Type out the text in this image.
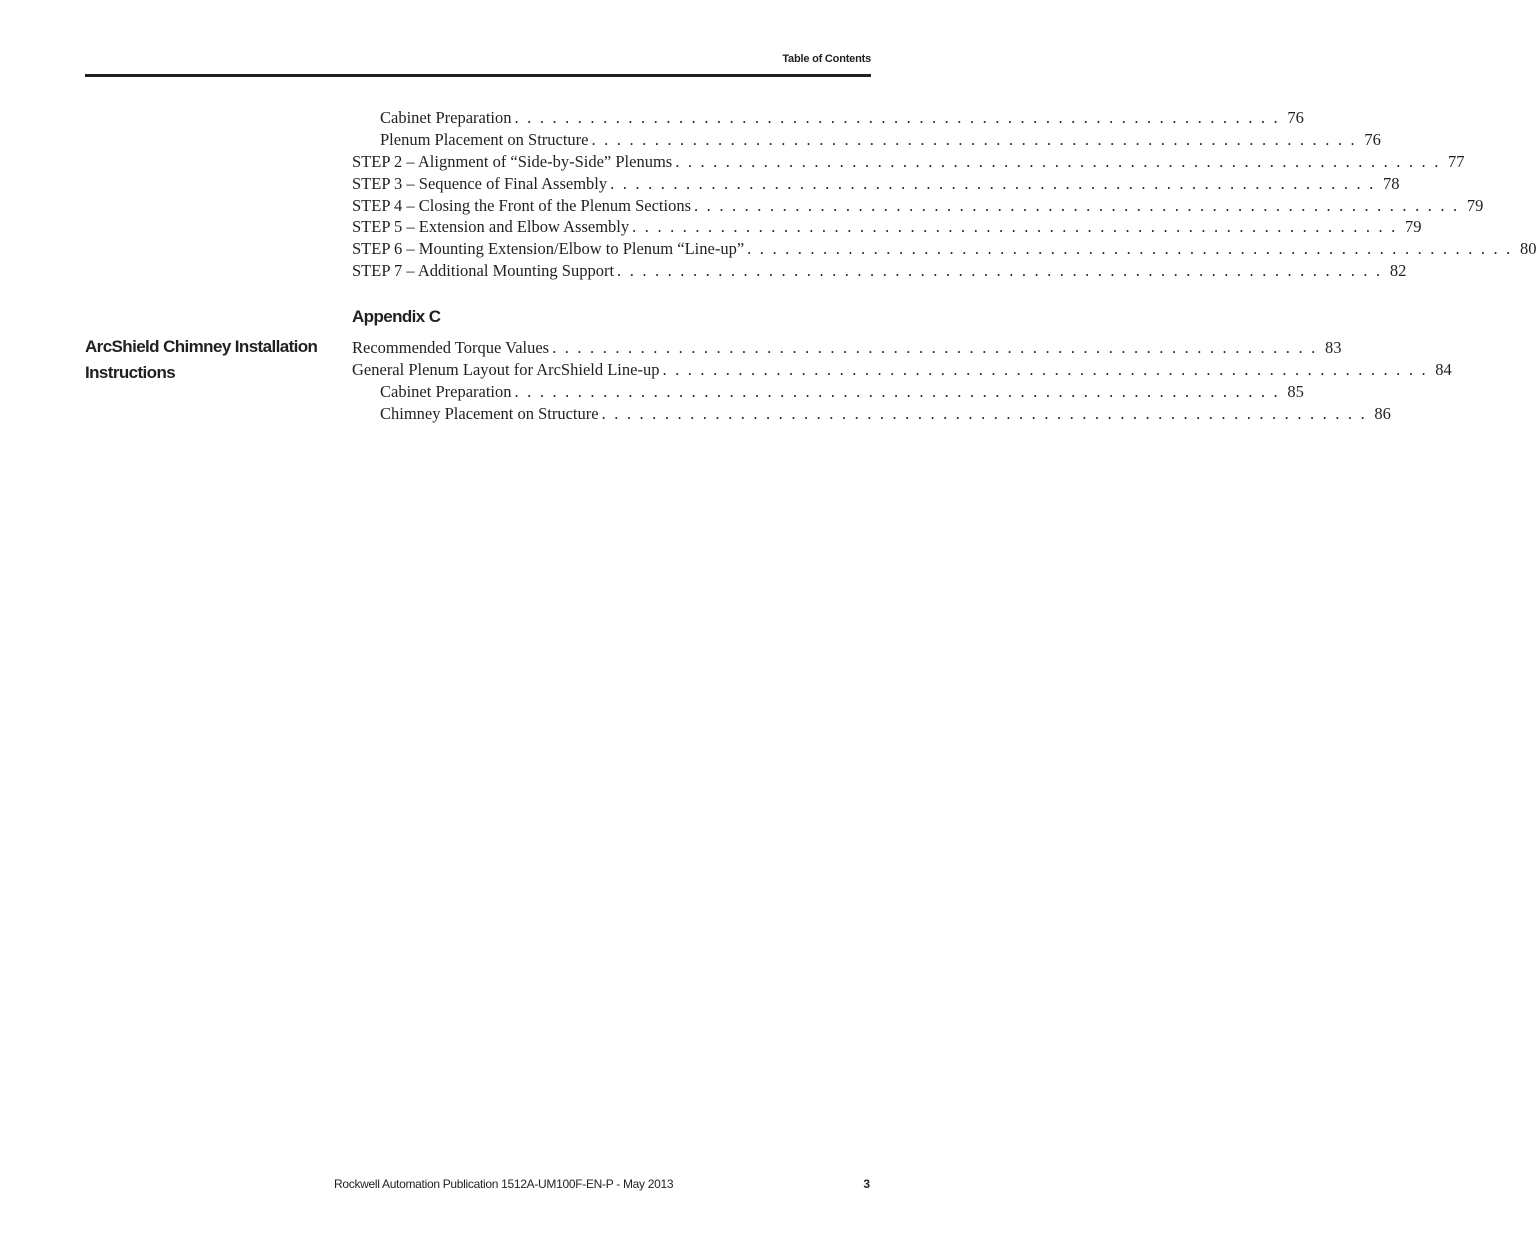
Table of Contents
Cabinet Preparation . . . . . . . . . . . . . . . . . . . . . . . . . . . . . . . . . . . . . . . . . . . . . . . . . . . . . . . . . . . . . 76
Plenum Placement on Structure . . . . . . . . . . . . . . . . . . . . . . . . . . . . . . . . . . . . . . . . . . . . . . . . . . . . . . . . . . . . . 76
STEP 2 – Alignment of “Side-by-Side” Plenums . . . . . . . . . . . . . . . . . . . . . . . . . . . . . . . . . . . . . . . . . . . . . . . . . . . . . . . . . . . . . 77
STEP 3 – Sequence of Final Assembly . . . . . . . . . . . . . . . . . . . . . . . . . . . . . . . . . . . . . . . . . . . . . . . . . . . . . . . . . . . . . 78
STEP 4 – Closing the Front of the Plenum Sections . . . . . . . . . . . . . . . . . . . . . . . . . . . . . . . . . . . . . . . . . . . . . . . . . . . . . . . . . . . . . 79
STEP 5 – Extension and Elbow Assembly . . . . . . . . . . . . . . . . . . . . . . . . . . . . . . . . . . . . . . . . . . . . . . . . . . . . . . . . . . . . . 79
STEP 6 – Mounting Extension/Elbow to Plenum “Line-up” . . . . . . . . . . . . . . . . . . . . . . . . . . . . . . . . . . . . . . . . . . . . . . . . . . . . . . . . . . . . . 80
STEP 7 – Additional Mounting Support . . . . . . . . . . . . . . . . . . . . . . . . . . . . . . . . . . . . . . . . . . . . . . . . . . . . . . . . . . . . . 82
Appendix C
ArcShield Chimney Installation
Instructions
Recommended Torque Values . . . . . . . . . . . . . . . . . . . . . . . . . . . . . . . . . . . . . . . . . . . . . . . . . . . . . . . . . . . . . 83
General Plenum Layout for ArcShield Line-up . . . . . . . . . . . . . . . . . . . . . . . . . . . . . . . . . . . . . . . . . . . . . . . . . . . . . . . . . . . . . 84
Cabinet Preparation . . . . . . . . . . . . . . . . . . . . . . . . . . . . . . . . . . . . . . . . . . . . . . . . . . . . . . . . . . . . . 85
Chimney Placement on Structure . . . . . . . . . . . . . . . . . . . . . . . . . . . . . . . . . . . . . . . . . . . . . . . . . . . . . . . . . . . . . 86
Rockwell Automation Publication 1512A-UM100F-EN-P - May 2013	3
